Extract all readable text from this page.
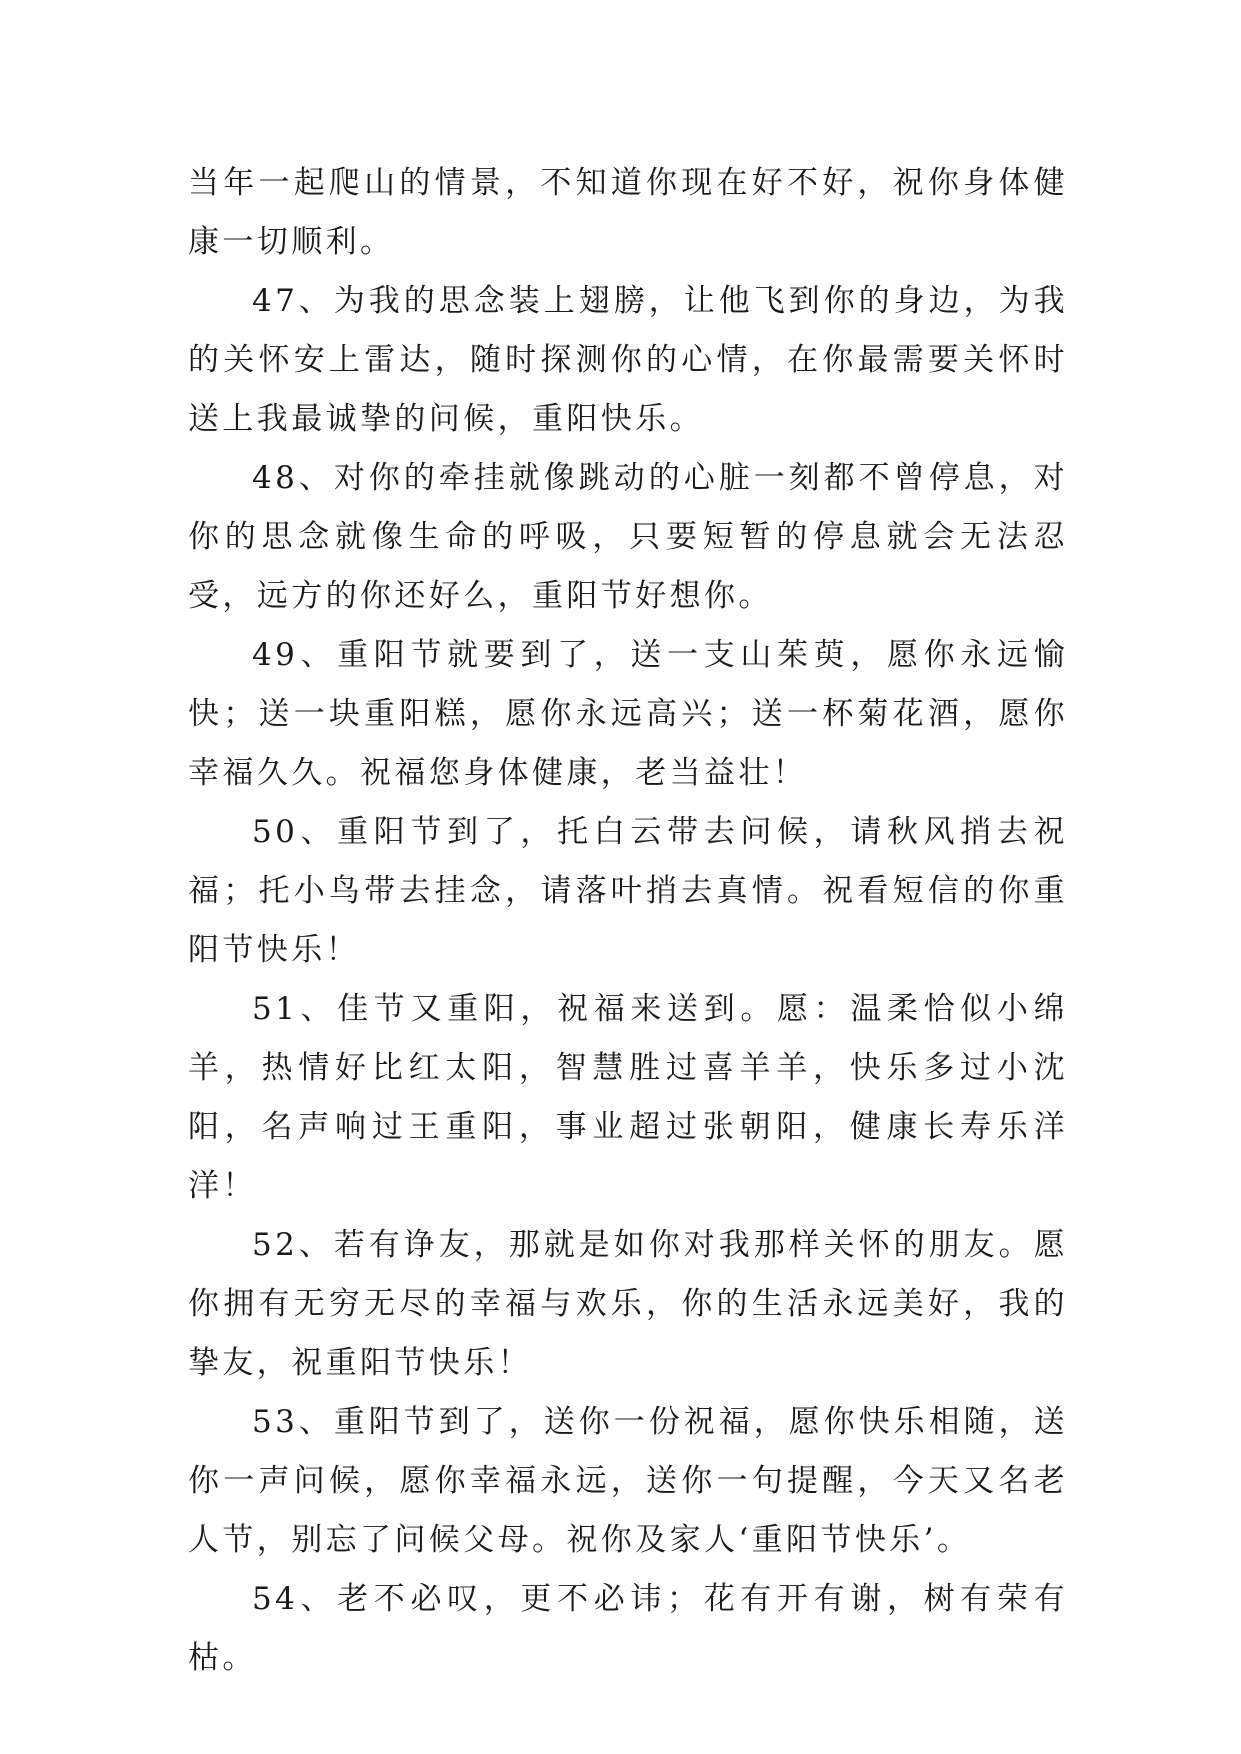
当年一起爬山的情景，不知道你现在好不好，祝你身体健康一切顺利。

47、为我的思念装上翅膀，让他飞到你的身边，为我的关怀安上雷达，随时探测你的心情，在你最需要关怀时送上我最诚挚的问候，重阳快乐。

48、对你的牵挂就像跳动的心脏一刻都不曾停息，对你的思念就像生命的呼吸，只要短暂的停息就会无法忍受，远方的你还好么，重阳节好想你。

49、重阳节就要到了，送一支山茱萸，愿你永远愉快；送一块重阳糕，愿你永远高兴；送一杯菊花酒，愿你幸福久久。祝福您身体健康，老当益壮！

50、重阳节到了，托白云带去问候，请秋风捎去祝福；托小鸟带去挂念，请落叶捎去真情。祝看短信的你重阳节快乐！

51、佳节又重阳，祝福来送到。愿：温柔恰似小绵羊，热情好比红太阳，智慧胜过喜羊羊，快乐多过小沈阳，名声响过王重阳，事业超过张朝阳，健康长寿乐洋洋！

52、若有诤友，那就是如你对我那样关怀的朋友。愿你拥有无穷无尽的幸福与欢乐，你的生活永远美好，我的挚友，祝重阳节快乐！

53、重阳节到了，送你一份祝福，愿你快乐相随，送你一声问候，愿你幸福永远，送你一句提醒，今天又名老人节，别忘了问候父母。祝你及家人‘重阳节快乐’。

54、老不必叹，更不必讳；花有开有谢，树有荣有枯。
